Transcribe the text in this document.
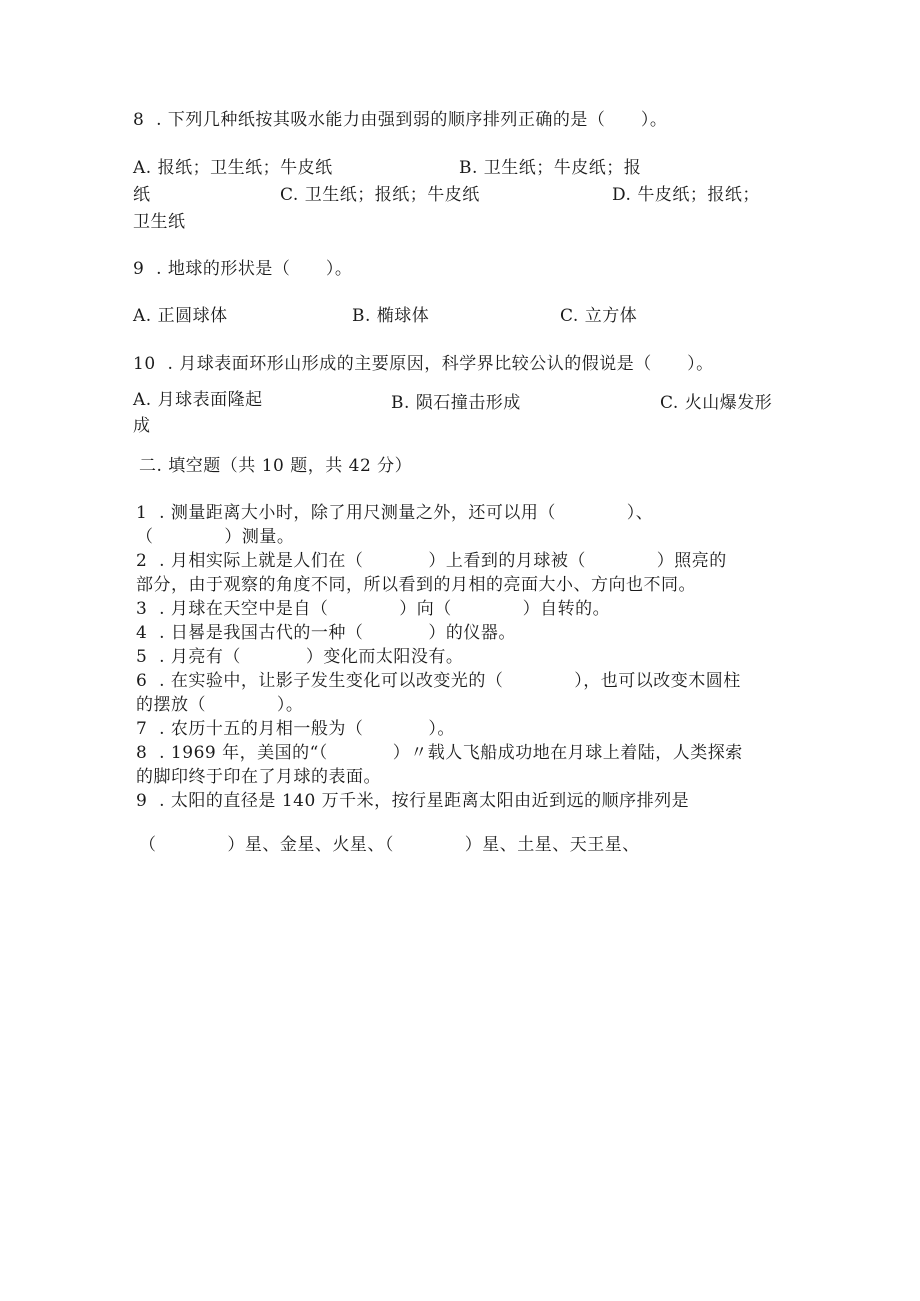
8  . 下列几种纸按其吸水能力由强到弱的顺序排列正确的是（      ）。
A. 报纸；卫生纸；牛皮纸	B. 卫生纸；牛皮纸；报
纸	C. 卫生纸；报纸；牛皮纸	D. 牛皮纸；报纸；
卫生纸
9  . 地球的形状是（      ）。
A. 正圆球体	B. 椭球体	C. 立方体
10  . 月球表面环形山形成的主要原因，科学界比较公认的假说是（      ）。
A. 月球表面隆起	B. 陨石撞击形成	C. 火山爆发形
成
二. 填空题（共 10 题，共 42 分）
1  . 测量距离大小时，除了用尺测量之外，还可以用（            ）、
（            ）测量。
2  . 月相实际上就是人们在（           ）上看到的月球被（            ）照亮的
部分，由于观察的角度不同，所以看到的月相的亮面大小、方向也不同。
3  . 月球在天空中是自（            ）向（            ）自转的。
4  . 日晷是我国古代的一种（           ）的仪器。
5  . 月亮有（           ）变化而太阳没有。
6  . 在实验中，让影子发生变化可以改变光的（            ），也可以改变木圆柱
的摆放（            ）。
7  . 农历十五的月相一般为（           ）。
8  . 1969 年，美国的“（           ）〃载人飞船成功地在月球上着陆，人类探索
的脚印终于印在了月球的表面。
9  . 太阳的直径是 140 万千米，按行星距离太阳由近到远的顺序排列是
（            ）星、金星、火星、（            ）星、土星、天王星、
